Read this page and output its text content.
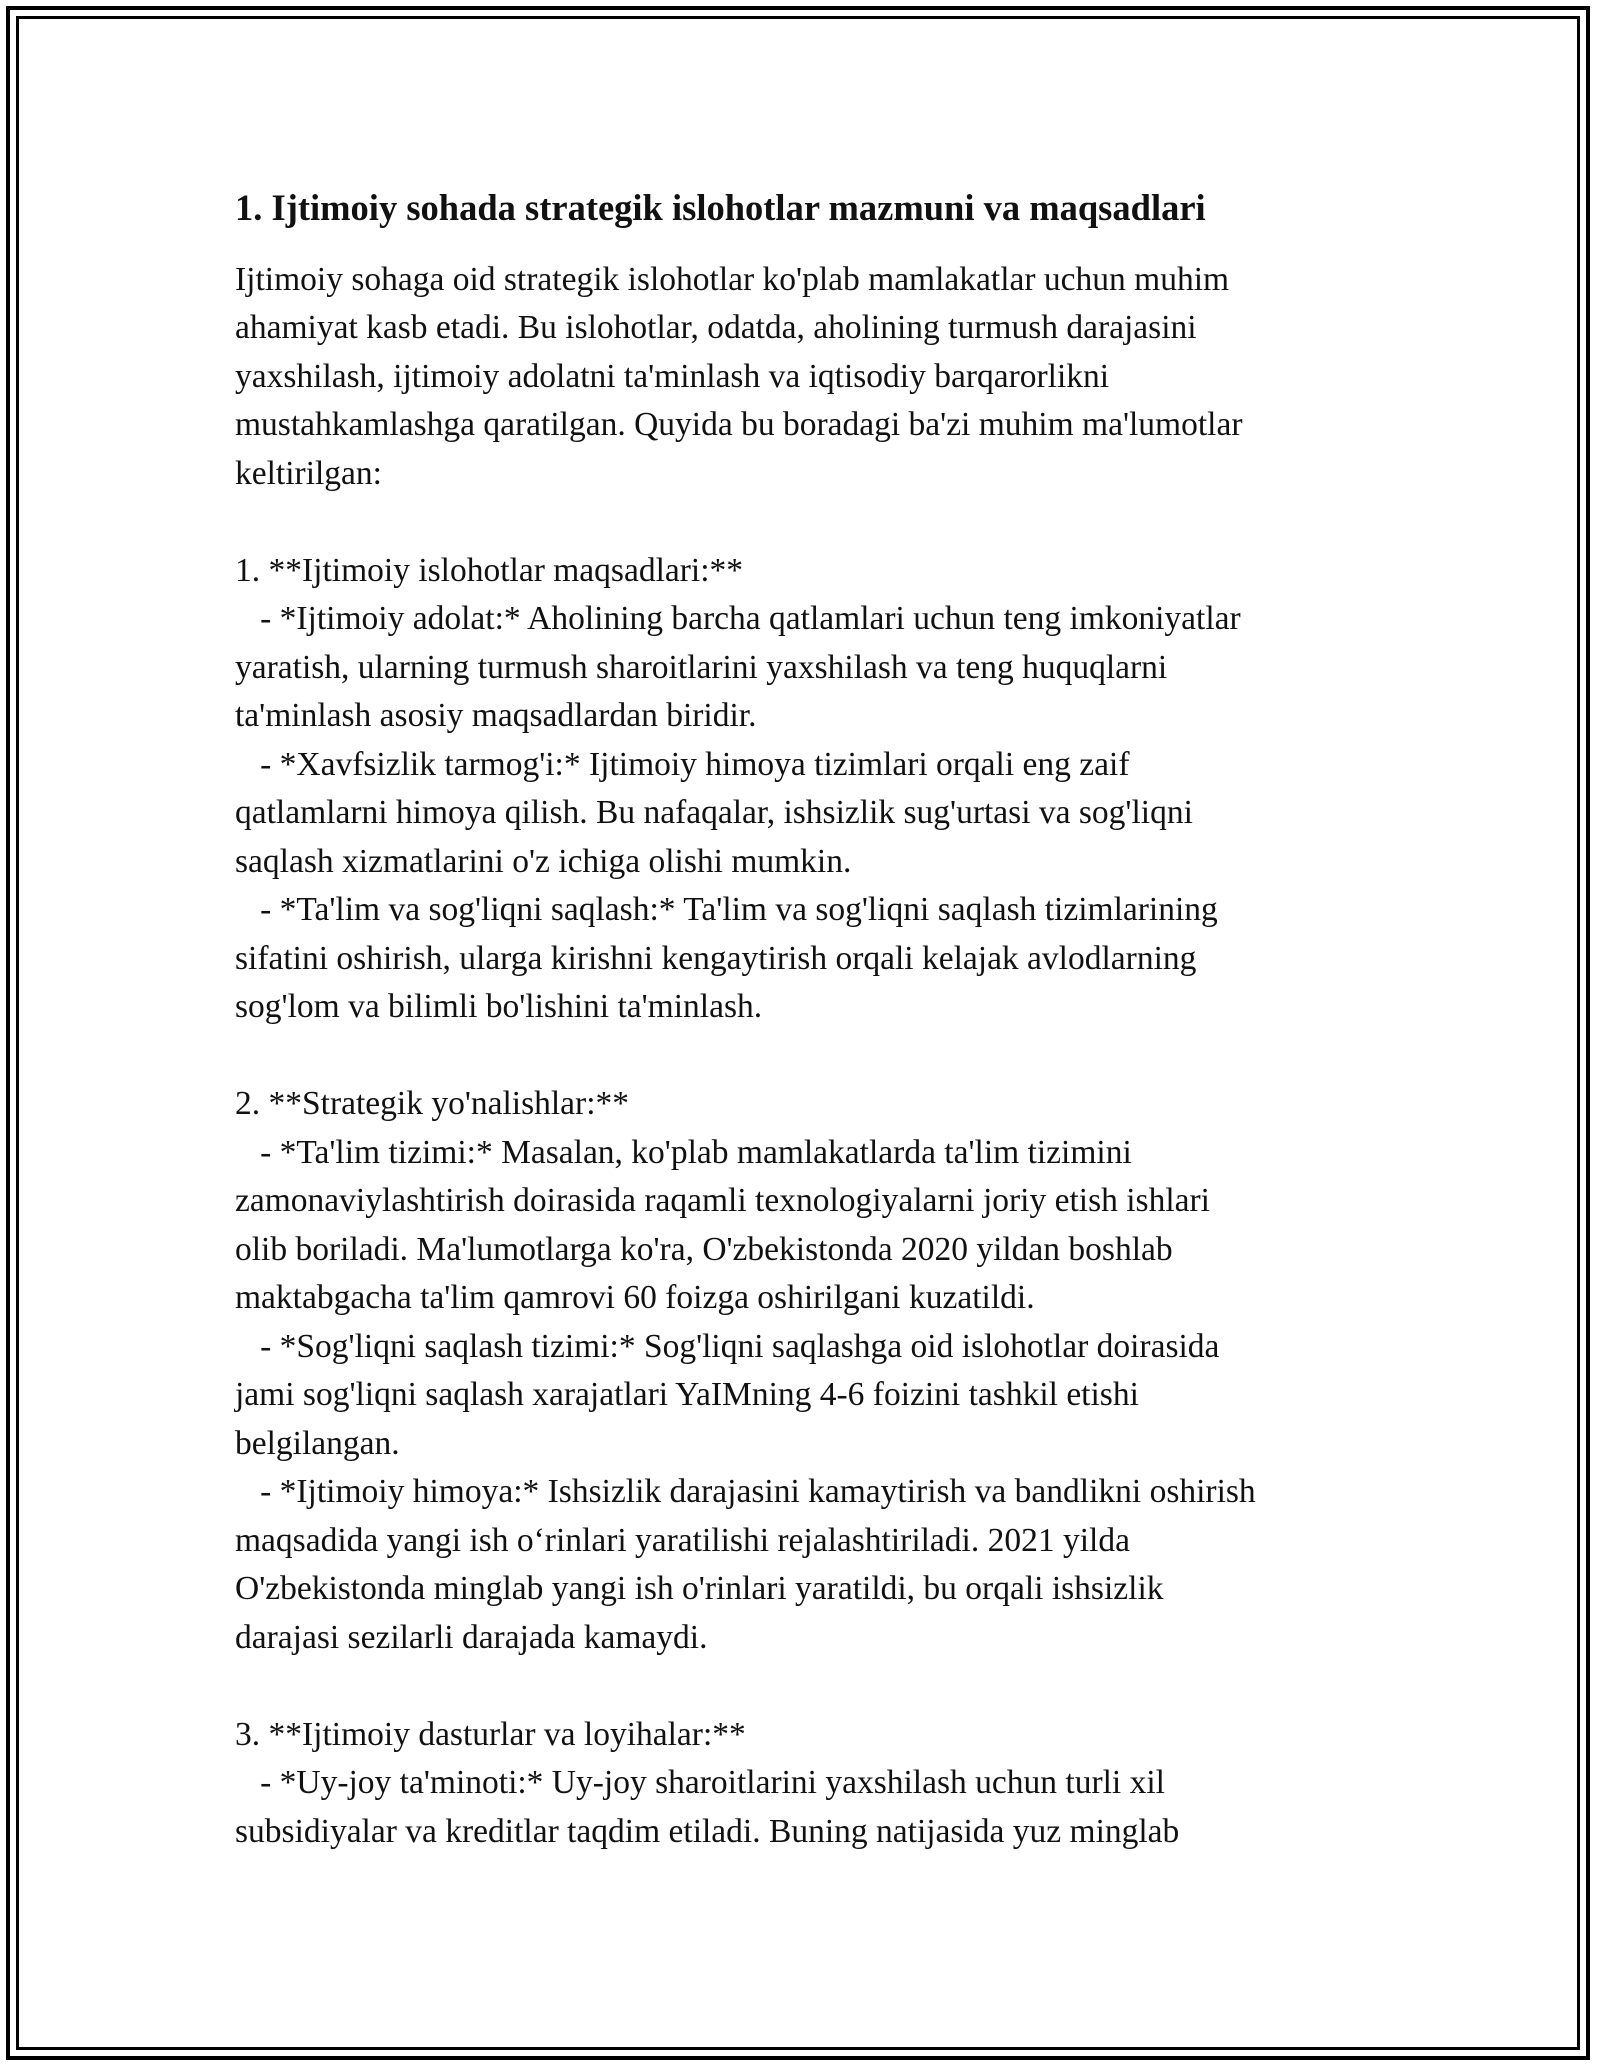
1. Ijtimoiy sohada strategik islohotlar mazmuni va maqsadlari
Ijtimoiy sohaga oid strategik islohotlar ko'plab mamlakatlar uchun muhim
ahamiyat kasb etadi. Bu islohotlar, odatda, aholining turmush darajasini
yaxshilash, ijtimoiy adolatni ta'minlash va iqtisodiy barqarorlikni
mustahkamlashga qaratilgan. Quyida bu boradagi ba'zi muhim ma'lumotlar
keltirilgan:
1. **Ijtimoiy islohotlar maqsadlari:**
- *Ijtimoiy adolat:* Aholining barcha qatlamlari uchun teng imkoniyatlar
yaratish, ularning turmush sharoitlarini yaxshilash va teng huquqlarni
ta'minlash asosiy maqsadlardan biridir.
- *Xavfsizlik tarmog'i:* Ijtimoiy himoya tizimlari orqali eng zaif
qatlamlarni himoya qilish. Bu nafaqalar, ishsizlik sug'urtasi va sog'liqni
saqlash xizmatlarini o'z ichiga olishi mumkin.
- *Ta'lim va sog'liqni saqlash:* Ta'lim va sog'liqni saqlash tizimlarining
sifatini oshirish, ularga kirishni kengaytirish orqali kelajak avlodlarning
sog'lom va bilimli bo'lishini ta'minlash.
2. **Strategik yo'nalishlar:**
- *Ta'lim tizimi:* Masalan, ko'plab mamlakatlarda ta'lim tizimini
zamonaviylashtirish doirasida raqamli texnologiyalarni joriy etish ishlari
olib boriladi. Ma'lumotlarga ko'ra, O'zbekistonda 2020 yildan boshlab
maktabgacha ta'lim qamrovi 60 foizga oshirilgani kuzatildi.
- *Sog'liqni saqlash tizimi:* Sog'liqni saqlashga oid islohotlar doirasida
jami sog'liqni saqlash xarajatlari YaIMning 4-6 foizini tashkil etishi
belgilangan.
- *Ijtimoiy himoya:* Ishsizlik darajasini kamaytirish va bandlikni oshirish
maqsadida yangi ish o‘rinlari yaratilishi rejalashtiriladi. 2021 yilda
O'zbekistonda minglab yangi ish o'rinlari yaratildi, bu orqali ishsizlik
darajasi sezilarli darajada kamaydi.
3. **Ijtimoiy dasturlar va loyihalar:**
- *Uy-joy ta'minoti:* Uy-joy sharoitlarini yaxshilash uchun turli xil
subsidiyalar va kreditlar taqdim etiladi. Buning natijasida yuz minglab
